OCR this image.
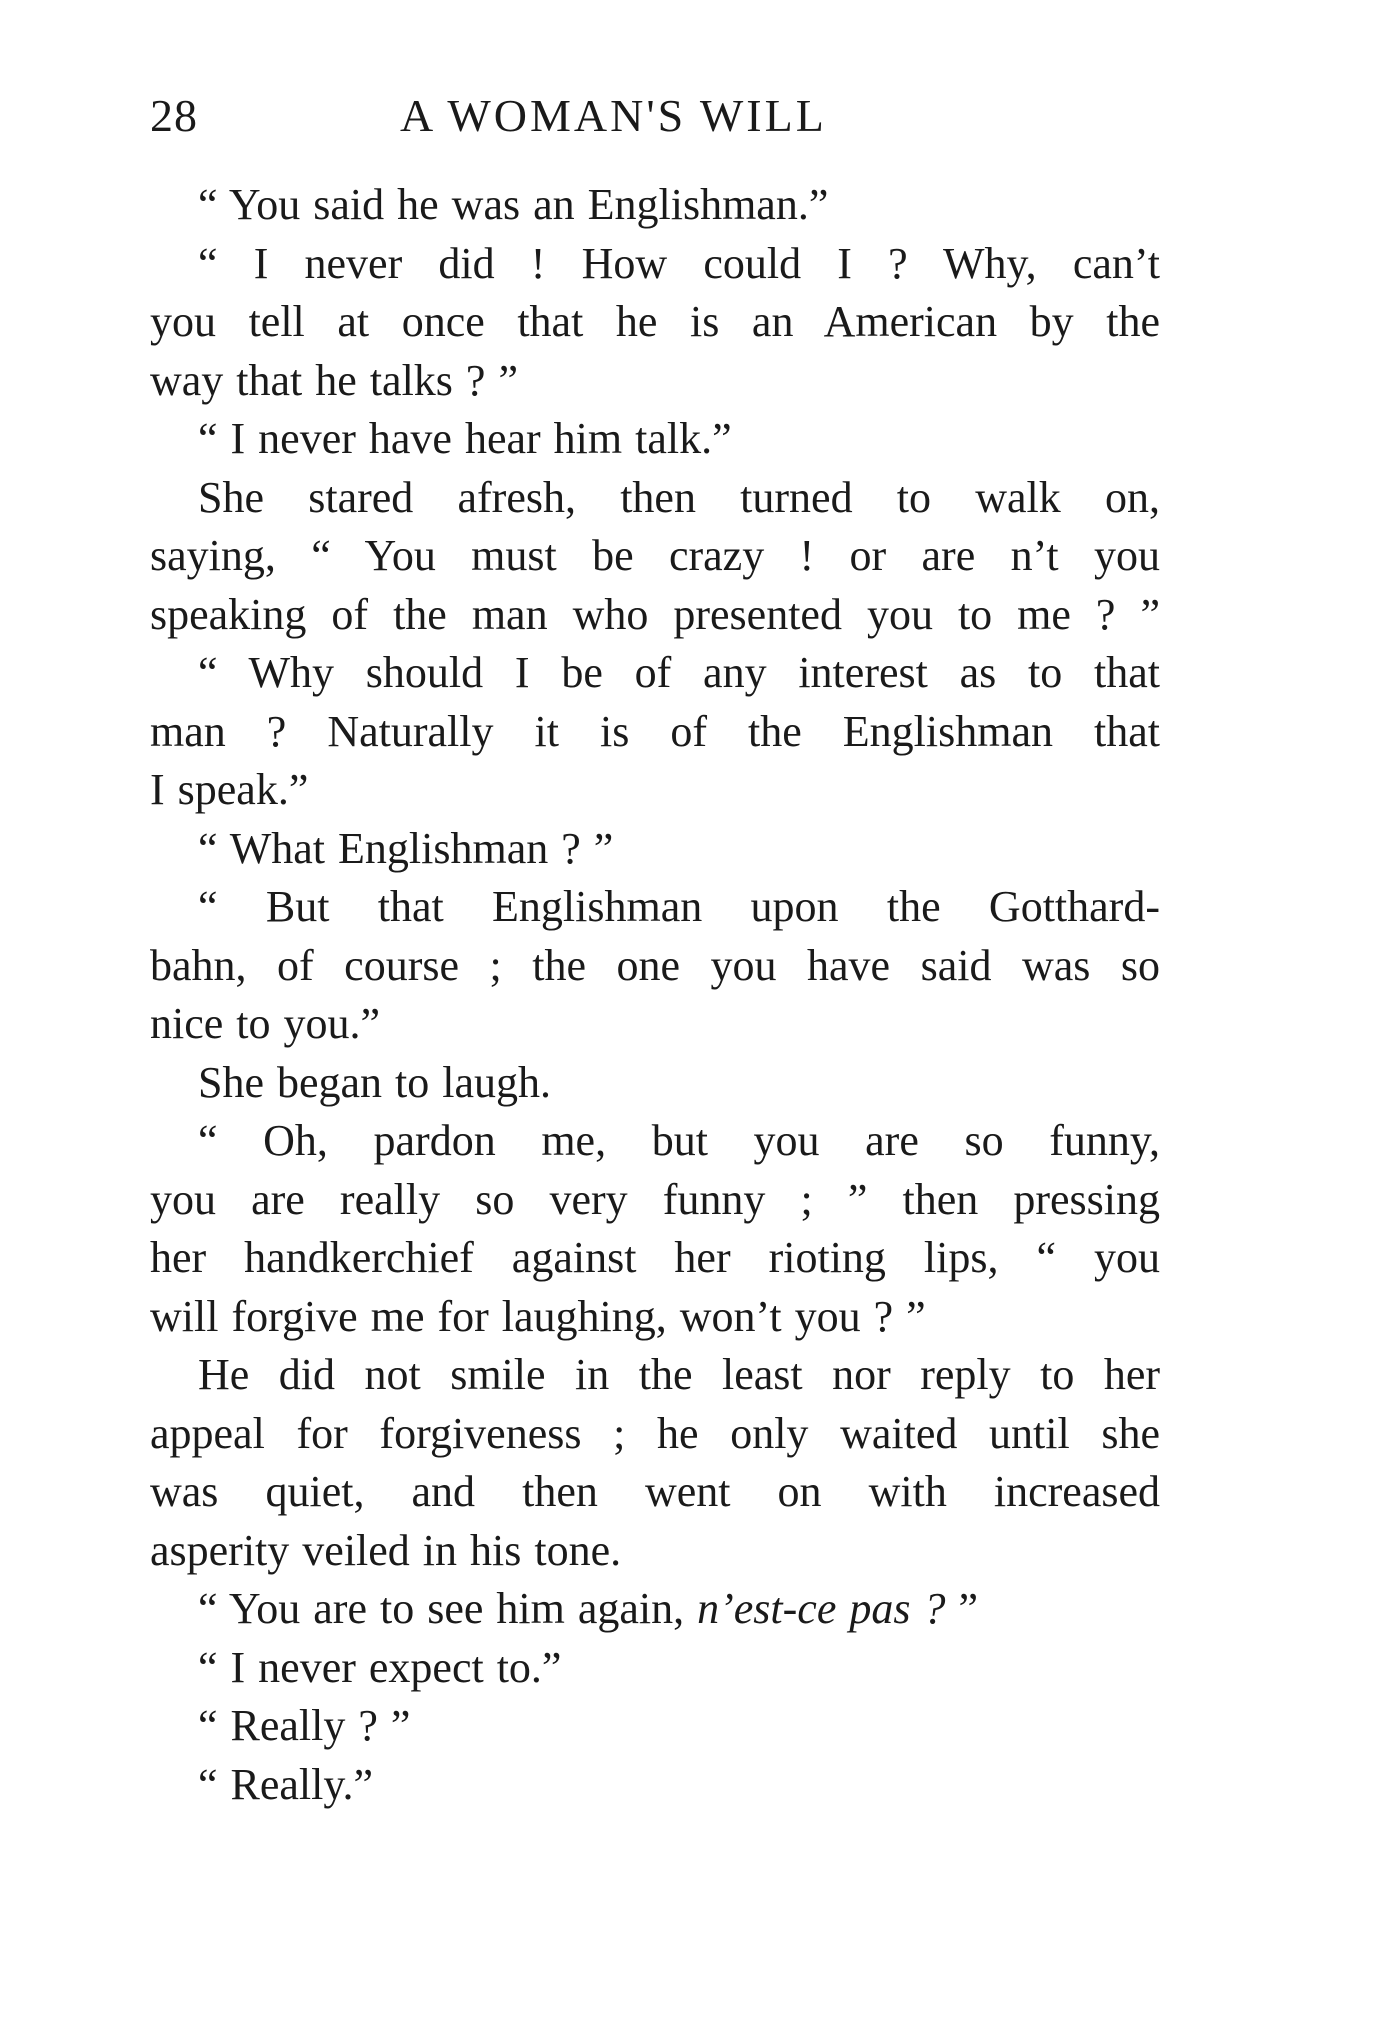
28	A WOMAN'S WILL
“ You said he was an Englishman.”
“ I never did ! How could I ? Why, can’t
you tell at once that he is an American by the
way that he talks ? ”
“ I never have hear him talk.”
She stared afresh, then turned to walk on,
saying, “ You must be crazy ! or are n’t you
speaking of the man who presented you to me ? ”
“ Why should I be of any interest as to that
man ? Naturally it is of the Englishman that
I speak.”
“ What Englishman ? ”
“ But that Englishman upon the Gotthard-
bahn, of course ; the one you have said was so
nice to you.”
She began to laugh.
“ Oh, pardon me, but you are so funny,
you are really so very funny ; ” then pressing
her handkerchief against her rioting lips, “ you
will forgive me for laughing, won’t you ? ”
He did not smile in the least nor reply to her
appeal for forgiveness ; he only waited until she
was quiet, and then went on with increased
asperity veiled in his tone.
“ You are to see him again, n’est-ce pas ? ”
“ I never expect to.”
“ Really ? ”
“ Really.”
